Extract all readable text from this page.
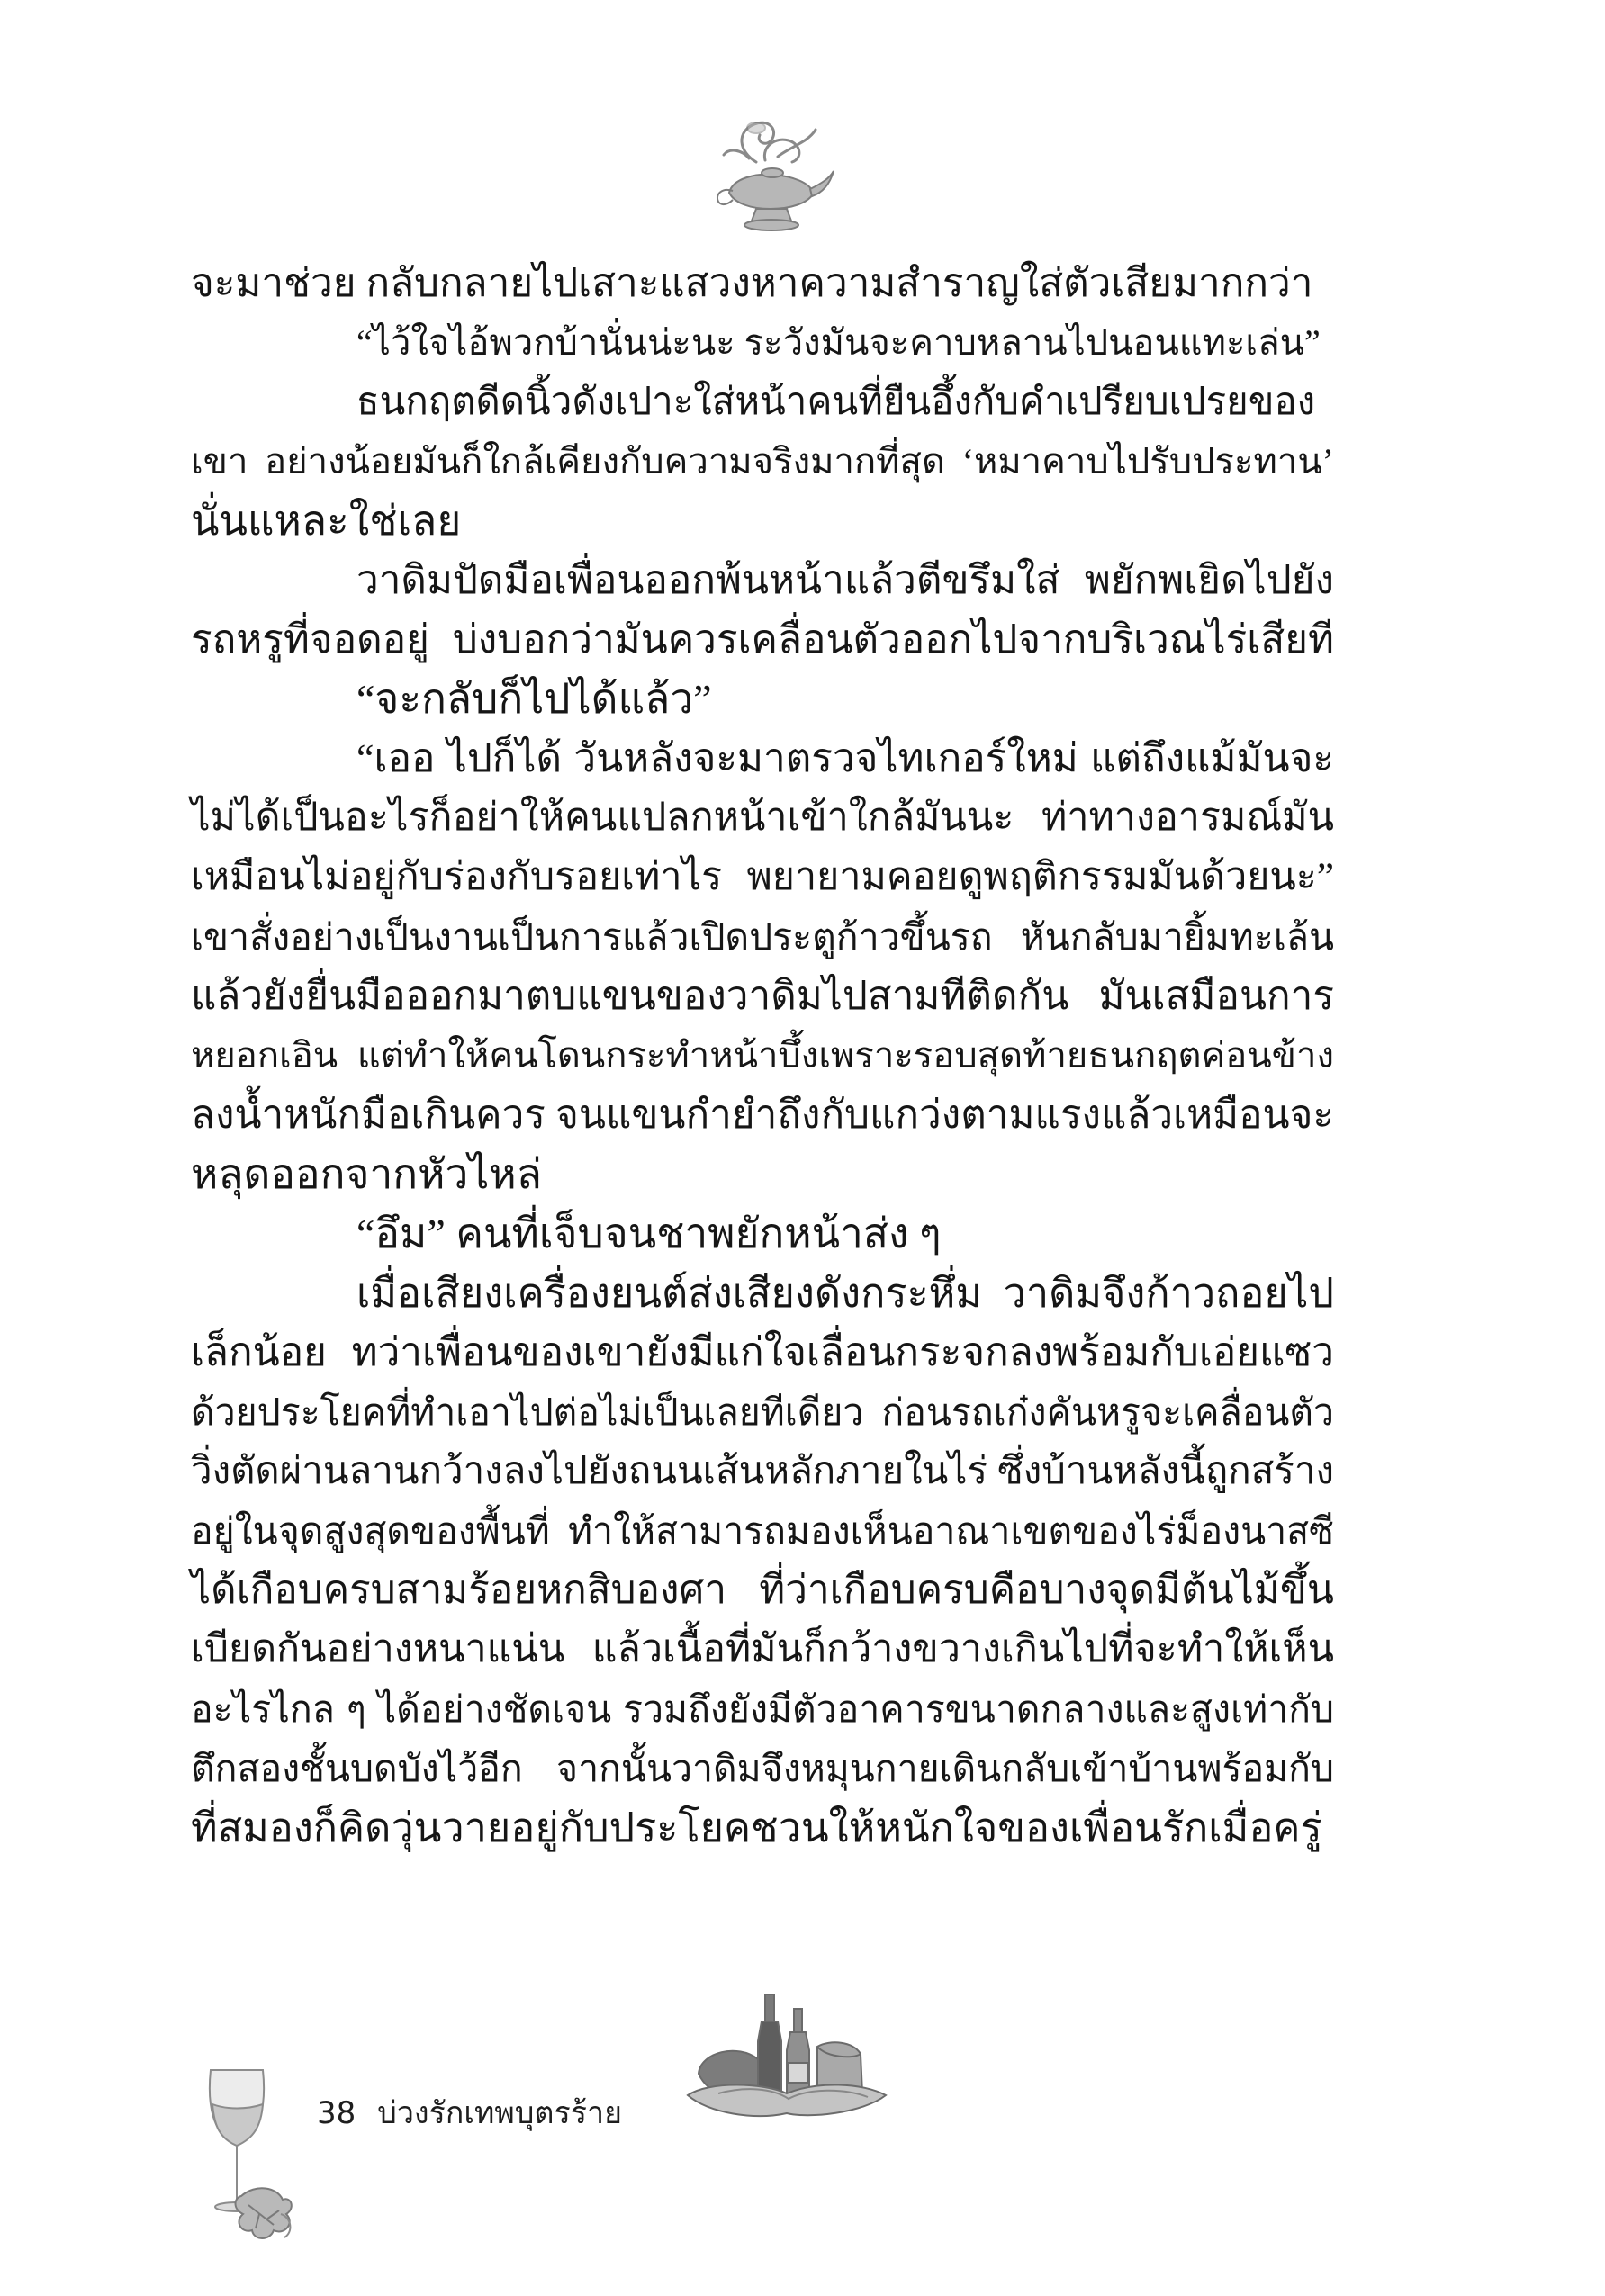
จะมาช่วย กลับกลายไปเสาะแสวงหาความสำราญใส่ตัวเสียมากกว่า
“ไว้ใจไอ้พวกบ้านั่นน่ะนะ ระวังมันจะคาบหลานไปนอนแทะเล่น”
ธนกฤตดีดนิ้วดังเปาะใส่หน้าคนที่ยืนอึ้งกับคำเปรียบเปรยของ
เขา อย่างน้อยมันก็ใกล้เคียงกับความจริงมากที่สุด ‘หมาคาบไปรับประทาน’
นั่นแหละใช่เลย
วาดิมปัดมือเพื่อนออกพ้นหน้าแล้วตีขรึมใส่ พยักพเยิดไปยัง
รถหรูที่จอดอยู่ บ่งบอกว่ามันควรเคลื่อนตัวออกไปจากบริเวณไร่เสียที
“จะกลับก็ไปได้แล้ว”
“เออ ไปก็ได้ วันหลังจะมาตรวจไทเกอร์ใหม่ แต่ถึงแม้มันจะ
ไม่ได้เป็นอะไรก็อย่าให้คนแปลกหน้าเข้าใกล้มันนะ ท่าทางอารมณ์มัน
เหมือนไม่อยู่กับร่องกับรอยเท่าไร พยายามคอยดูพฤติกรรมมันด้วยนะ”
เขาสั่งอย่างเป็นงานเป็นการแล้วเปิดประตูก้าวขึ้นรถ หันกลับมายิ้มทะเล้น
แล้วยังยื่นมือออกมาตบแขนของวาดิมไปสามทีติดกัน มันเสมือนการ
หยอกเอิน แต่ทำให้คนโดนกระทำหน้าบึ้งเพราะรอบสุดท้ายธนกฤตค่อนข้าง
ลงน้ำหนักมือเกินควร จนแขนกำยำถึงกับแกว่งตามแรงแล้วเหมือนจะ
หลุดออกจากหัวไหล่
“อึม” คนที่เจ็บจนชาพยักหน้าส่ง ๆ
เมื่อเสียงเครื่องยนต์ส่งเสียงดังกระหึ่ม วาดิมจึงก้าวถอยไป
เล็กน้อย ทว่าเพื่อนของเขายังมีแก่ใจเลื่อนกระจกลงพร้อมกับเอ่ยแซว
ด้วยประโยคที่ทำเอาไปต่อไม่เป็นเลยทีเดียว ก่อนรถเก๋งคันหรูจะเคลื่อนตัว
วิ่งตัดผ่านลานกว้างลงไปยังถนนเส้นหลักภายในไร่ ซึ่งบ้านหลังนี้ถูกสร้าง
อยู่ในจุดสูงสุดของพื้นที่ ทำให้สามารถมองเห็นอาณาเขตของไร่ม็องนาสซี
ได้เกือบครบสามร้อยหกสิบองศา ที่ว่าเกือบครบคือบางจุดมีต้นไม้ขึ้น
เบียดกันอย่างหนาแน่น แล้วเนื้อที่มันก็กว้างขวางเกินไปที่จะทำให้เห็น
อะไรไกล ๆ ได้อย่างชัดเจน รวมถึงยังมีตัวอาคารขนาดกลางและสูงเท่ากับ
ตึกสองชั้นบดบังไว้อีก จากนั้นวาดิมจึงหมุนกายเดินกลับเข้าบ้านพร้อมกับ
ที่สมองก็คิดวุ่นวายอยู่กับประโยคชวนให้หนักใจของเพื่อนรักเมื่อครู่
38 บ่วงรักเทพบุตรร้าย
